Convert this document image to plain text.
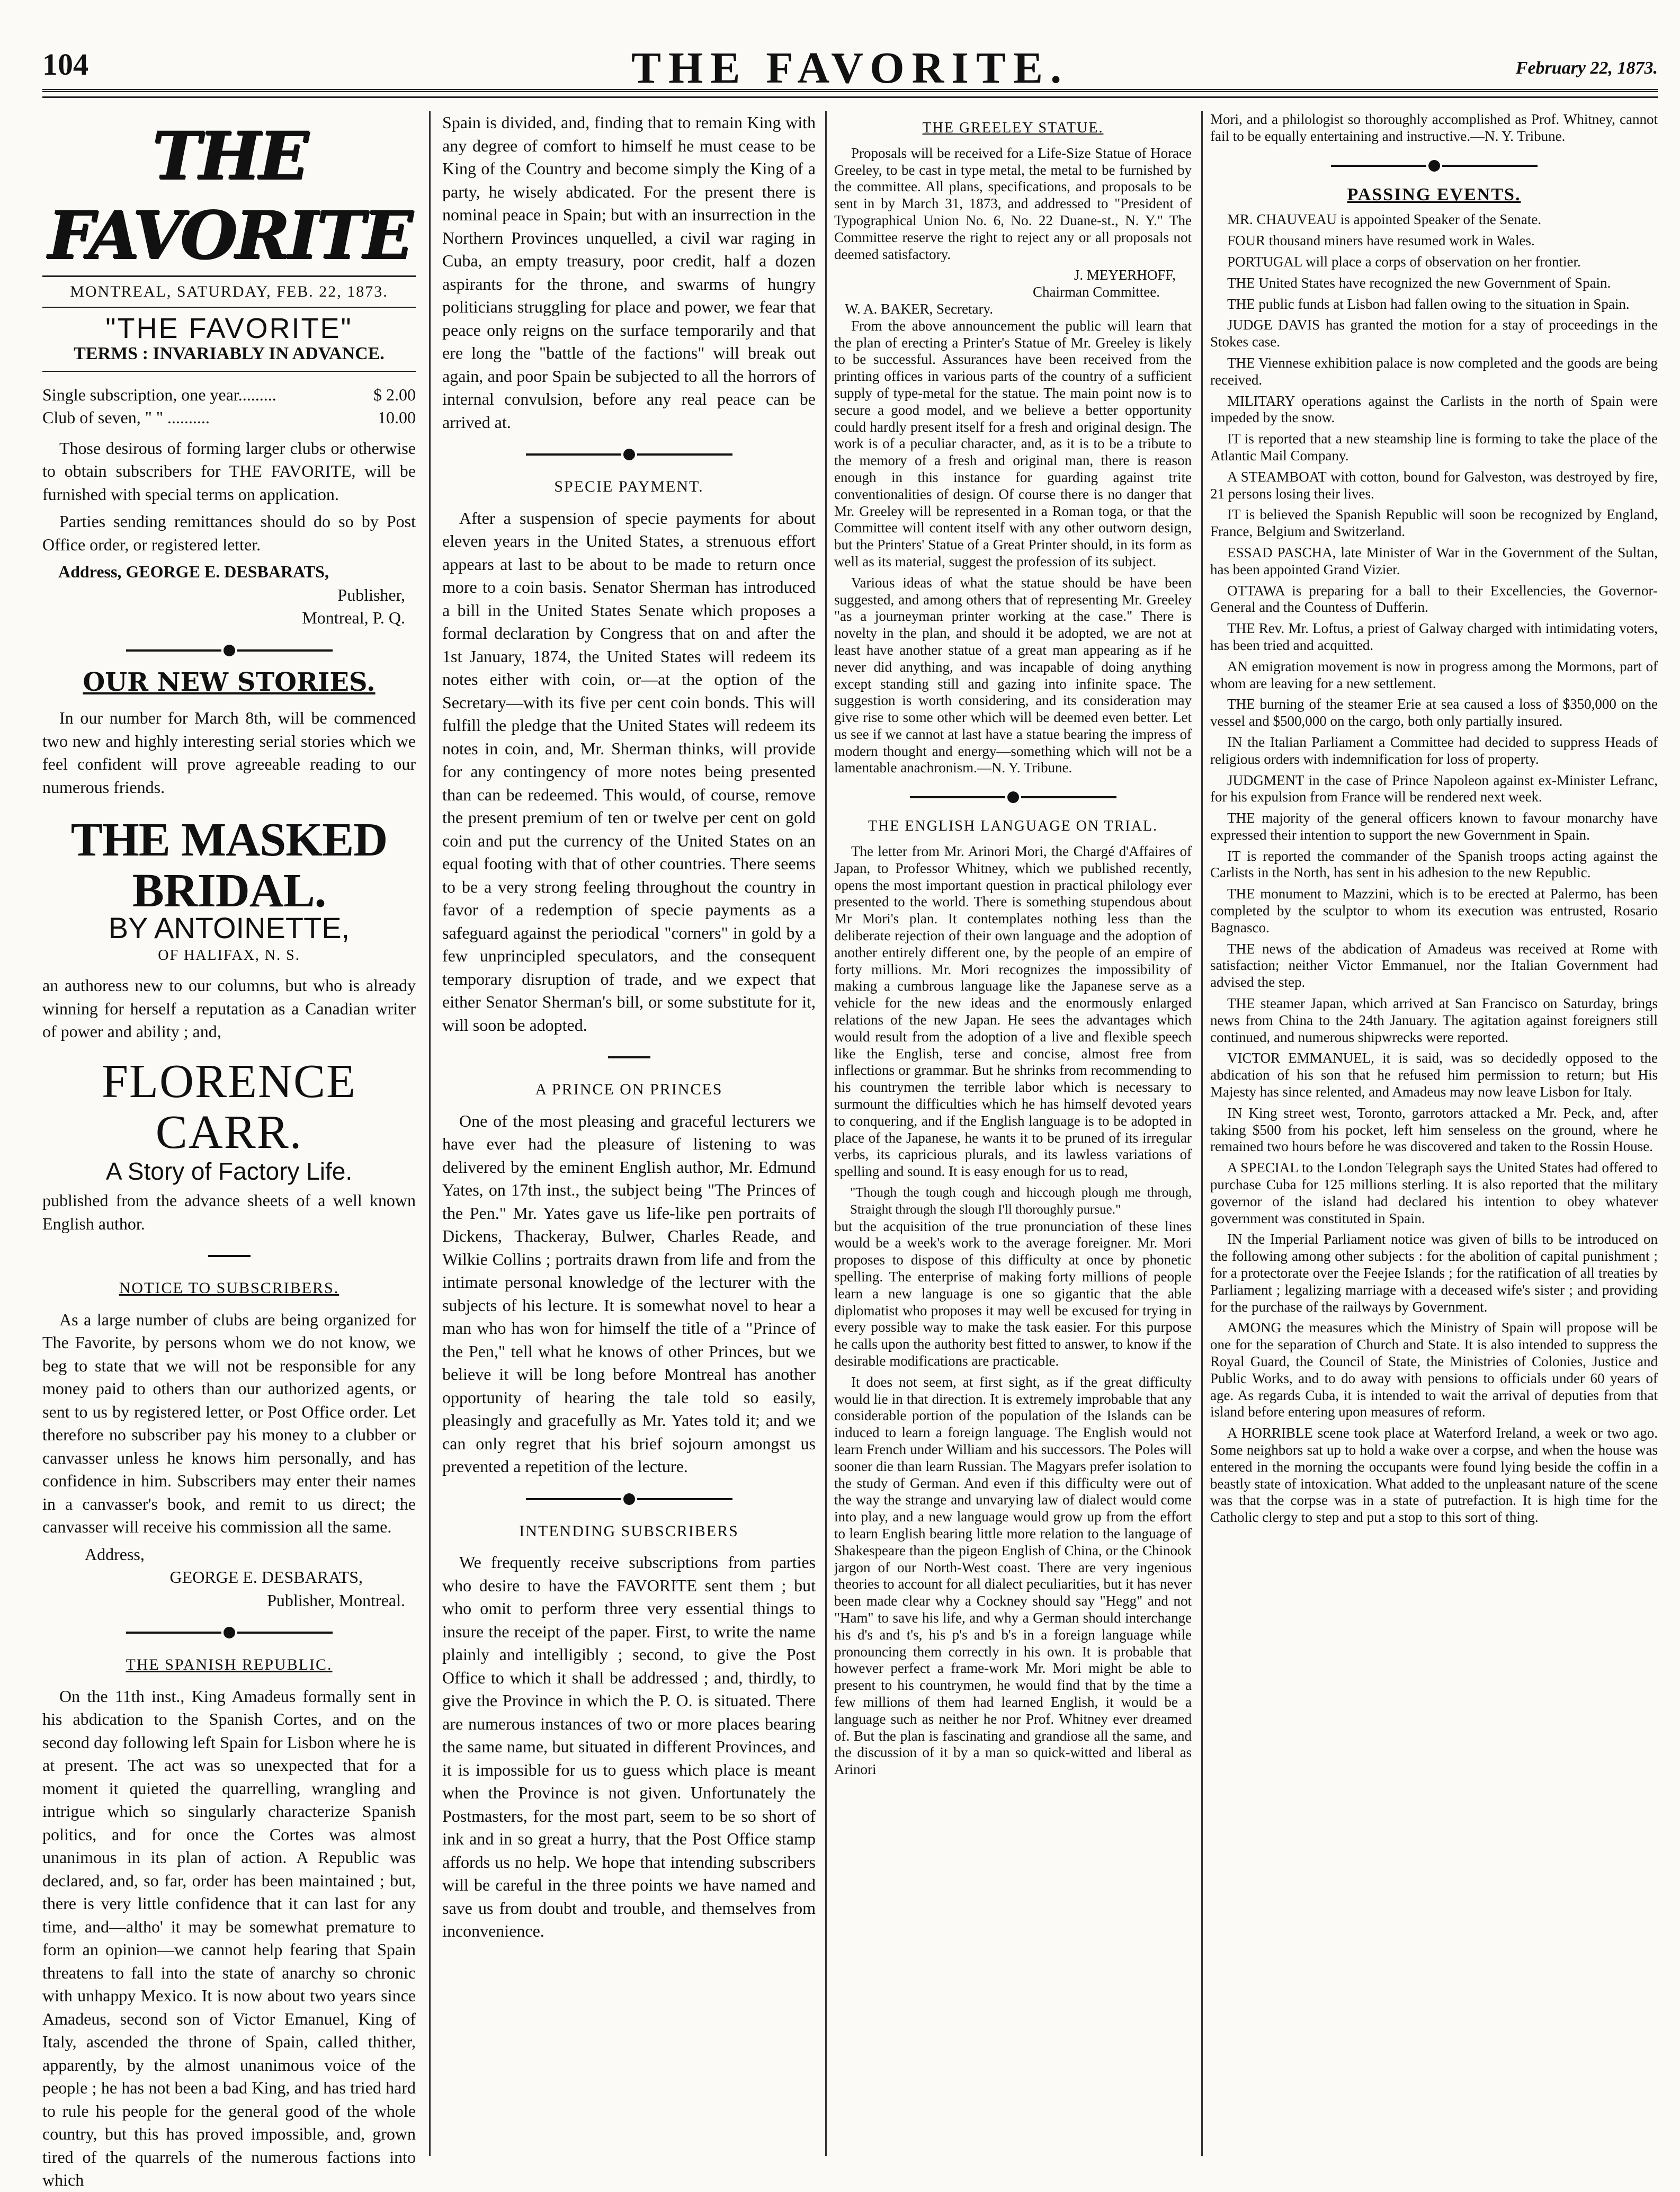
104	THE FAVORITE.	February 22, 1873.
THE FAVORITE
MONTREAL, SATURDAY, FEB. 22, 1873.
"THE FAVORITE"
TERMS : INVARIABLY IN ADVANCE.
Single subscription, one year.........	$ 2.00
Club of seven, " " ..........	10.00

Those desirous of forming larger clubs or otherwise to obtain subscribers for THE FAVORITE, will be furnished with special terms on application.

Parties sending remittances should do so by Post Office order, or registered letter.

Address, GEORGE E. DESBARATS,
Publisher,
Montreal, P. Q.
OUR NEW STORIES.

In our number for March 8th, will be commenced two new and highly interesting serial stories which we feel confident will prove agreeable reading to our numerous friends.

THE MASKED BRIDAL.
BY ANTOINETTE,
OF HALIFAX, N. S.

an authoress new to our columns, but who is already winning for herself a reputation as a Canadian writer of power and ability ; and,

FLORENCE CARR.
A Story of Factory Life.

published from the advance sheets of a well known English author.

NOTICE TO SUBSCRIBERS.

As a large number of clubs are being organized for The Favorite, by persons whom we do not know, we beg to state that we will not be responsible for any money paid to others than our authorized agents, or sent to us by registered letter, or Post Office order. Let therefore no subscriber pay his money to a clubber or canvasser unless he knows him personally, and has confidence in him. Subscribers may enter their names in a canvasser's book, and remit to us direct; the canvasser will receive his commission all the same.

Address,
GEORGE E. DESBARATS,
Publisher, Montreal.
THE SPANISH REPUBLIC.

On the 11th inst., King Amadeus formally sent in his abdication to the Spanish Cortes, and on the second day following left Spain for Lisbon where he is at present. The act was so unexpected that for a moment it quieted the quarrelling, wrangling and intrigue which so singularly characterize Spanish politics, and for once the Cortes was almost unanimous in its plan of action. A Republic was declared, and, so far, order has been maintained ; but, there is very little confidence that it can last for any time, and—altho' it may be somewhat premature to form an opinion—we cannot help fearing that Spain threatens to fall into the state of anarchy so chronic with unhappy Mexico. It is now about two years since Amadeus, second son of Victor Emanuel, King of Italy, ascended the throne of Spain, called thither, apparently, by the almost unanimous voice of the people ; he has not been a bad King, and has tried hard to rule his people for the general good of the whole country, but this has proved impossible, and, grown tired of the quarrels of the numerous factions into which

Spain is divided, and, finding that to remain King with any degree of comfort to himself he must cease to be King of the Country and become simply the King of a party, he wisely abdicated. For the present there is nominal peace in Spain; but with an insurrection in the Northern Provinces unquelled, a civil war raging in Cuba, an empty treasury, poor credit, half a dozen aspirants for the throne, and swarms of hungry politicians struggling for place and power, we fear that peace only reigns on the surface temporarily and that ere long the "battle of the factions" will break out again, and poor Spain be subjected to all the horrors of internal convulsion, before any real peace can be arrived at.

SPECIE PAYMENT.

After a suspension of specie payments for about eleven years in the United States, a strenuous effort appears at last to be about to be made to return once more to a coin basis. Senator Sherman has introduced a bill in the United States Senate which proposes a formal declaration by Congress that on and after the 1st January, 1874, the United States will redeem its notes either with coin, or—at the option of the Secretary—with its five per cent coin bonds. This will fulfill the pledge that the United States will redeem its notes in coin, and, Mr. Sherman thinks, will provide for any contingency of more notes being presented than can be redeemed. This would, of course, remove the present premium of ten or twelve per cent on gold coin and put the currency of the United States on an equal footing with that of other countries. There seems to be a very strong feeling throughout the country in favor of a redemption of specie payments as a safeguard against the periodical "corners" in gold by a few unprincipled speculators, and the consequent temporary disruption of trade, and we expect that either Senator Sherman's bill, or some substitute for it, will soon be adopted.

A PRINCE ON PRINCES

One of the most pleasing and graceful lecturers we have ever had the pleasure of listening to was delivered by the eminent English author, Mr. Edmund Yates, on 17th inst., the subject being "The Princes of the Pen." Mr. Yates gave us life-like pen portraits of Dickens, Thackeray, Bulwer, Charles Reade, and Wilkie Collins ; portraits drawn from life and from the intimate personal knowledge of the lecturer with the subjects of his lecture. It is somewhat novel to hear a man who has won for himself the title of a "Prince of the Pen," tell what he knows of other Princes, but we believe it will be long before Montreal has another opportunity of hearing the tale told so easily, pleasingly and gracefully as Mr. Yates told it; and we can only regret that his brief sojourn amongst us prevented a repetition of the lecture.

INTENDING SUBSCRIBERS

We frequently receive subscriptions from parties who desire to have the FAVORITE sent them ; but who omit to perform three very essential things to insure the receipt of the paper. First, to write the name plainly and intelligibly ; second, to give the Post Office to which it shall be addressed ; and, thirdly, to give the Province in which the P. O. is situated. There are numerous instances of two or more places bearing the same name, but situated in different Provinces, and it is impossible for us to guess which place is meant when the Province is not given. Unfortunately the Postmasters, for the most part, seem to be so short of ink and in so great a hurry, that the Post Office stamp affords us no help. We hope that intending subscribers will be careful in the three points we have named and save us from doubt and trouble, and themselves from inconvenience.

THE GREELEY STATUE.

Proposals will be received for a Life-Size Statue of Horace Greeley, to be cast in type metal, the metal to be furnished by the committee. All plans, specifications, and proposals to be sent in by March 31, 1873, and addressed to "President of Typographical Union No. 6, No. 22 Duane-st., N. Y." The Committee reserve the right to reject any or all proposals not deemed satisfactory.

J. MEYERHOFF,
Chairman Committee.
W. A. BAKER, Secretary.

From the above announcement the public will learn that the plan of erecting a Printer's Statue of Mr. Greeley is likely to be successful. Assurances have been received from the printing offices in various parts of the country of a sufficient supply of type-metal for the statue. The main point now is to secure a good model, and we believe a better opportunity could hardly present itself for a fresh and original design. The work is of a peculiar character, and, as it is to be a tribute to the memory of a fresh and original man, there is reason enough in this instance for guarding against trite conventionalities of design. Of course there is no danger that Mr. Greeley will be represented in a Roman toga, or that the Committee will content itself with any other outworn design, but the Printers' Statue of a Great Printer should, in its form as well as its material, suggest the profession of its subject.

Various ideas of what the statue should be have been suggested, and among others that of representing Mr. Greeley "as a journeyman printer working at the case." There is novelty in the plan, and should it be adopted, we are not at least have another statue of a great man appearing as if he never did anything, and was incapable of doing anything except standing still and gazing into infinite space. The suggestion is worth considering, and its consideration may give rise to some other which will be deemed even better. Let us see if we cannot at last have a statue bearing the impress of modern thought and energy—something which will not be a lamentable anachronism.—N. Y. Tribune.

THE ENGLISH LANGUAGE ON TRIAL.

The letter from Mr. Arinori Mori, the Chargé d'Affaires of Japan, to Professor Whitney, which we published recently, opens the most important question in practical philology ever presented to the world. There is something stupendous about Mr Mori's plan. It contemplates nothing less than the deliberate rejection of their own language and the adoption of another entirely different one, by the people of an empire of forty millions. Mr. Mori recognizes the impossibility of making a cumbrous language like the Japanese serve as a vehicle for the new ideas and the enormously enlarged relations of the new Japan. He sees the advantages which would result from the adoption of a live and flexible speech like the English, terse and concise, almost free from inflections or grammar. But he shrinks from recommending to his countrymen the terrible labor which is necessary to surmount the difficulties which he has himself devoted years to conquering, and if the English language is to be adopted in place of the Japanese, he wants it to be pruned of its irregular verbs, its capricious plurals, and its lawless variations of spelling and sound. It is easy enough for us to read,

"Though the tough cough and hiccough plough me through, Straight through the slough I'll thoroughly pursue."

but the acquisition of the true pronunciation of these lines would be a week's work to the average foreigner. Mr. Mori proposes to dispose of this difficulty at once by phonetic spelling. The enterprise of making forty millions of people learn a new language is one so gigantic that the able diplomatist who proposes it may well be excused for trying in every possible way to make the task easier. For this purpose he calls upon the authority best fitted to answer, to know if the desirable modifications are practicable.

It does not seem, at first sight, as if the great difficulty would lie in that direction. It is extremely improbable that any considerable portion of the population of the Islands can be induced to learn a foreign language. The English would not learn French under William and his successors. The Poles will sooner die than learn Russian. The Magyars prefer isolation to the study of German. And even if this difficulty were out of the way the strange and unvarying law of dialect would come into play, and a new language would grow up from the effort to learn English bearing little more relation to the language of Shakespeare than the pigeon English of China, or the Chinook jargon of our North-West coast. There are very ingenious theories to account for all dialect peculiarities, but it has never been made clear why a Cockney should say "Hegg" and not "Ham" to save his life, and why a German should interchange his d's and t's, his p's and b's in a foreign language while pronouncing them correctly in his own. It is probable that however perfect a frame-work Mr. Mori might be able to present to his countrymen, he would find that by the time a few millions of them had learned English, it would be a language such as neither he nor Prof. Whitney ever dreamed of. But the plan is fascinating and grandiose all the same, and the discussion of it by a man so quick-witted and liberal as Arinori

Mori, and a philologist so thoroughly accomplished as Prof. Whitney, cannot fail to be equally entertaining and instructive.—N. Y. Tribune.

PASSING EVENTS.

MR. CHAUVEAU is appointed Speaker of the Senate.

FOUR thousand miners have resumed work in Wales.

PORTUGAL will place a corps of observation on her frontier.

THE United States have recognized the new Government of Spain.

THE public funds at Lisbon had fallen owing to the situation in Spain.

JUDGE DAVIS has granted the motion for a stay of proceedings in the Stokes case.

THE Viennese exhibition palace is now completed and the goods are being received.

MILITARY operations against the Carlists in the north of Spain were impeded by the snow.

IT is reported that a new steamship line is forming to take the place of the Atlantic Mail Company.

A STEAMBOAT with cotton, bound for Galveston, was destroyed by fire, 21 persons losing their lives.

IT is believed the Spanish Republic will soon be recognized by England, France, Belgium and Switzerland.

ESSAD PASCHA, late Minister of War in the Government of the Sultan, has been appointed Grand Vizier.

OTTAWA is preparing for a ball to their Excellencies, the Governor-General and the Countess of Dufferin.

THE Rev. Mr. Loftus, a priest of Galway charged with intimidating voters, has been tried and acquitted.

AN emigration movement is now in progress among the Mormons, part of whom are leaving for a new settlement.

THE burning of the steamer Erie at sea caused a loss of $350,000 on the vessel and $500,000 on the cargo, both only partially insured.

IN the Italian Parliament a Committee had decided to suppress Heads of religious orders with indemnification for loss of property.

JUDGMENT in the case of Prince Napoleon against ex-Minister Lefranc, for his expulsion from France will be rendered next week.

THE majority of the general officers known to favour monarchy have expressed their intention to support the new Government in Spain.

IT is reported the commander of the Spanish troops acting against the Carlists in the North, has sent in his adhesion to the new Republic.

THE monument to Mazzini, which is to be erected at Palermo, has been completed by the sculptor to whom its execution was entrusted, Rosario Bagnasco.

THE news of the abdication of Amadeus was received at Rome with satisfaction; neither Victor Emmanuel, nor the Italian Government had advised the step.

THE steamer Japan, which arrived at San Francisco on Saturday, brings news from China to the 24th January. The agitation against foreigners still continued, and numerous shipwrecks were reported.

VICTOR EMMANUEL, it is said, was so decidedly opposed to the abdication of his son that he refused him permission to return; but His Majesty has since relented, and Amadeus may now leave Lisbon for Italy.

IN King street west, Toronto, garrotors attacked a Mr. Peck, and, after taking $500 from his pocket, left him senseless on the ground, where he remained two hours before he was discovered and taken to the Rossin House.

A SPECIAL to the London Telegraph says the United States had offered to purchase Cuba for 125 millions sterling. It is also reported that the military governor of the island had declared his intention to obey whatever government was constituted in Spain.

IN the Imperial Parliament notice was given of bills to be introduced on the following among other subjects : for the abolition of capital punishment ; for a protectorate over the Feejee Islands ; for the ratification of all treaties by Parliament ; legalizing marriage with a deceased wife's sister ; and providing for the purchase of the railways by Government.

AMONG the measures which the Ministry of Spain will propose will be one for the separation of Church and State. It is also intended to suppress the Royal Guard, the Council of State, the Ministries of Colonies, Justice and Public Works, and to do away with pensions to officials under 60 years of age. As regards Cuba, it is intended to wait the arrival of deputies from that island before entering upon measures of reform.

A HORRIBLE scene took place at Waterford Ireland, a week or two ago. Some neighbors sat up to hold a wake over a corpse, and when the house was entered in the morning the occupants were found lying beside the coffin in a beastly state of intoxication. What added to the unpleasant nature of the scene was that the corpse was in a state of putrefaction. It is high time for the Catholic clergy to step and put a stop to this sort of thing.
